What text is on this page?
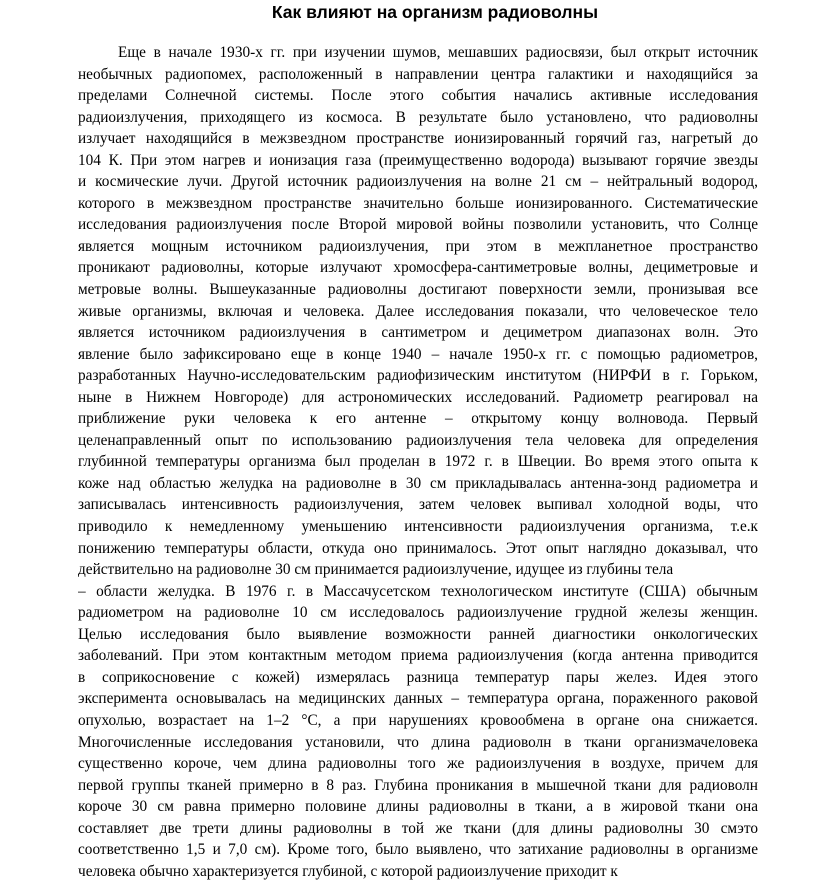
Как влияют на организм радиоволны
Еще в начале 1930-х гг. при изучении шумов, мешавших радиосвязи, был открыт источник
необычных радиопомех, расположенный в направлении центра галактики и находящийся за
пределами Солнечной системы. После этого события начались активные исследования
радиоизлучения, приходящего из космоса. В результате было установлено, что радиоволны
излучает находящийся в межзвездном пространстве ионизированный горячий газ, нагретый до
104 К. При этом нагрев и ионизация газа (преимущественно водорода) вызывают горячие звезды
и космические лучи. Другой источник радиоизлучения на волне 21 см – нейтральный водород,
которого в межзвездном пространстве значительно больше ионизированного. Систематические
исследования радиоизлучения после Второй мировой войны позволили установить, что Солнце
является мощным источником радиоизлучения, при этом в межпланетное пространство
проникают радиоволны, которые излучают хромосфера-сантиметровые волны, дециметровые и
метровые волны. Вышеуказанные радиоволны достигают поверхности земли, пронизывая все
живые организмы, включая и человека. Далее исследования показали, что человеческое тело
является источником радиоизлучения в сантиметром и дециметром диапазонах волн. Это
явление было зафиксировано еще в конце 1940 – начале 1950-х гг. с помощью радиометров,
разработанных Научно-исследовательским радиофизическим институтом (НИРФИ в г. Горьком,
ныне в Нижнем Новгороде) для астрономических исследований. Радиометр реагировал на
приближение руки человека к его антенне – открытому концу волновода. Первый
целенаправленный опыт по использованию радиоизлучения тела человека для определения
глубинной температуры организма был проделан в 1972 г. в Швеции. Во время этого опыта к
коже над областью желудка на радиоволне в 30 см прикладывалась антенна-зонд радиометра и
записывалась интенсивность радиоизлучения, затем человек выпивал холодной воды, что
приводило к немедленному уменьшению интенсивности радиоизлучения организма, т.е.к
понижению температуры области, откуда оно принималось. Этот опыт наглядно доказывал, что
действительно на радиоволне 30 см принимается радиоизлучение, идущее из глубины тела
– области желудка. В 1976 г. в Массачусетском технологическом институте (США) обычным
радиометром на радиоволне 10 см исследовалось радиоизлучение грудной железы женщин.
Целью исследования было выявление возможности ранней диагностики онкологических
заболеваний. При этом контактным методом приема радиоизлучения (когда антенна приводится
в соприкосновение с кожей) измерялась разница температур пары желез. Идея этого
эксперимента основывалась на медицинских данных – температура органа, пораженного раковой
опухолью, возрастает на 1–2 °С, а при нарушениях кровообмена в органе она снижается.
Многочисленные исследования установили, что длина радиоволн в ткани организмачеловека
существенно короче, чем длина радиоволны того же радиоизлучения в воздухе, причем для
первой группы тканей примерно в 8 раз. Глубина проникания в мышечной ткани для радиоволн
короче 30 см равна примерно половине длины радиоволны в ткани, а в жировой ткани она
составляет две трети длины радиоволны в той же ткани (для длины радиоволны 30 смэто
соответственно 1,5 и 7,0 см). Кроме того, было выявлено, что затихание радиоволны в организме
человека обычно характеризуется глубиной, с которой радиоизлучение приходит к
